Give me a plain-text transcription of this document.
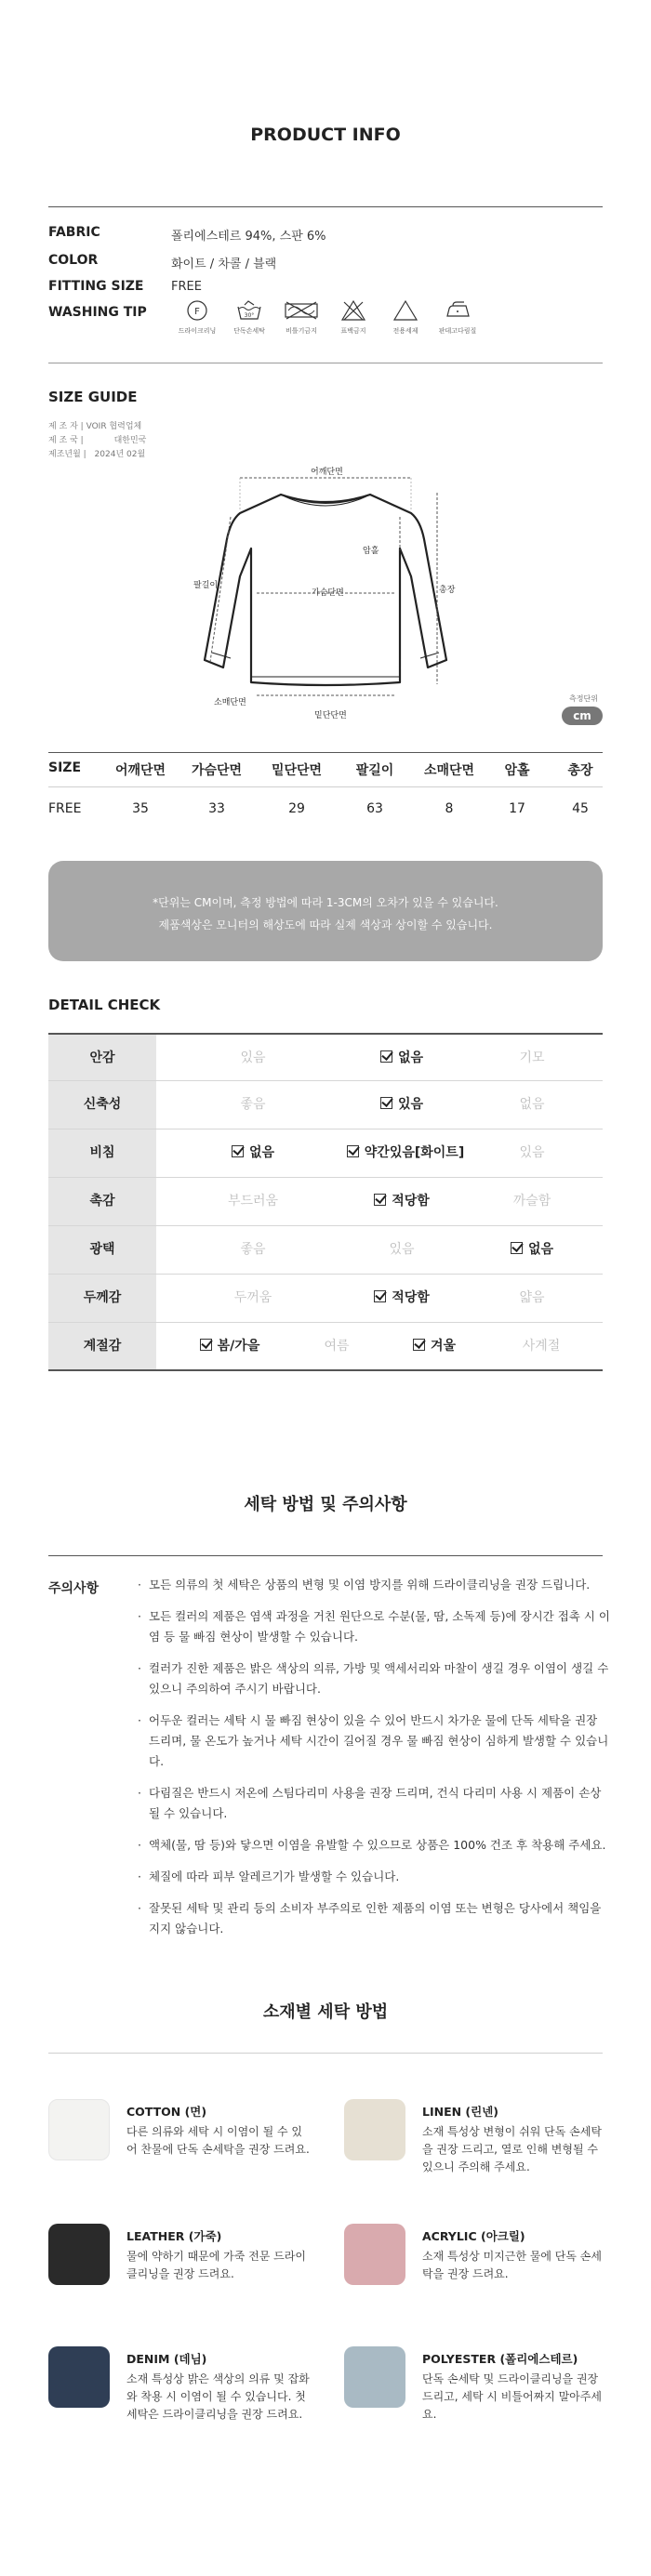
PRODUCT INFO
FABRIC	폴리에스테르 94%, 스판 6%
COLOR	화이트 / 차콜 / 블랙
FITTING SIZE	FREE
WASHING TIP	F
드라이크리닝
30°
단독손세탁	비틀기금지	표백금지	전용세제	판데고다림질
SIZE GUIDE
제 조 자 | VOIR 협력업체
제 조 국 |	대한민국
제조년월 | 2024년 02월
어깨단면
암홀
가슴단면
팔길이	총장
소매단면
밑단단면
측정단위
cm
SIZE	어깨단면	가슴단면	밑단단면	팔길이	소매단면	암홀	총장
FREE	35	33	29	63	8	17	45

*단위는 CM이며, 측정 방법에 따라 1-3CM의 오차가 있을 수 있습니다.

제품색상은 모니터의 해상도에 따라 실제 색상과 상이할 수 있습니다.

DETAIL CHECK
안감	있음	없음	기모
신축성	좋음	있음	없음
비침	없음	약간있음[화이트]	있음
촉감	부드러움	적당함	까슬함
광택	좋음	있음	없음
두께감	두꺼움	적당함	얇음
계절감	봄/가을	여름	겨울	사계절
세탁 방법 및 주의사항
주의사항
·	모든 의류의 첫 세탁은 상품의 변형 및 이염 방지를 위해 드라이클리닝을 권장 드립니다.
· 모든 컬러의 제품은 염색 과정을 거친 원단으로 수분(물, 땀, 소독제 등)에 장시간 접촉 시 이염 등 물 빠짐 현상이 발생할 수 있습니다.
· 컬러가 진한 제품은 밝은 색상의 의류, 가방 및 액세서리와 마찰이 생길 경우 이염이 생길 수 있으니 주의하여 주시기 바랍니다.
· 어두운 컬러는 세탁 시 물 빠짐 현상이 있을 수 있어 반드시 차가운 물에 단독 세탁을 권장 드리며, 물 온도가 높거나 세탁 시간이 길어질 경우 물 빠짐 현상이 심하게 발생할 수 있습니다.
· 다림질은 반드시 저온에 스팀다리미 사용을 권장 드리며, 건식 다리미 사용 시 제품이 손상될 수 있습니다.
· 액체(물, 땀 등)와 닿으면 이염을 유발할 수 있으므로 상품은 100% 건조 후 착용해 주세요.
· 체질에 따라 피부 알레르기가 발생할 수 있습니다.
· 잘못된 세탁 및 관리 등의 소비자 부주의로 인한 제품의 이염 또는 변형은 당사에서 책임을 지지 않습니다.
소재별 세탁 방법
COTTON (면)
다른 의류와 세탁 시 이염이 될 수 있어 찬물에 단독 손세탁을 권장 드려요.
LINEN (린넨)
소재 특성상 변형이 쉬워 단독 손세탁을 권장 드리고, 열로 인해 변형될 수 있으니 주의해 주세요.
LEATHER (가죽)
물에 약하기 때문에 가죽 전문 드라이클리닝을 권장 드려요.
ACRYLIC (아크릴)
소재 특성상 미지근한 물에 단독 손세탁을 권장 드려요.
DENIM (데님)
소재 특성상 밝은 색상의 의류 및 잡화와 착용 시 이염이 될 수 있습니다. 첫 세탁은 드라이클리닝을 권장 드려요.
POLYESTER (폴리에스테르)
단독 손세탁 및 드라이클리닝을 권장 드리고, 세탁 시 비틀어짜지 말아주세요.
